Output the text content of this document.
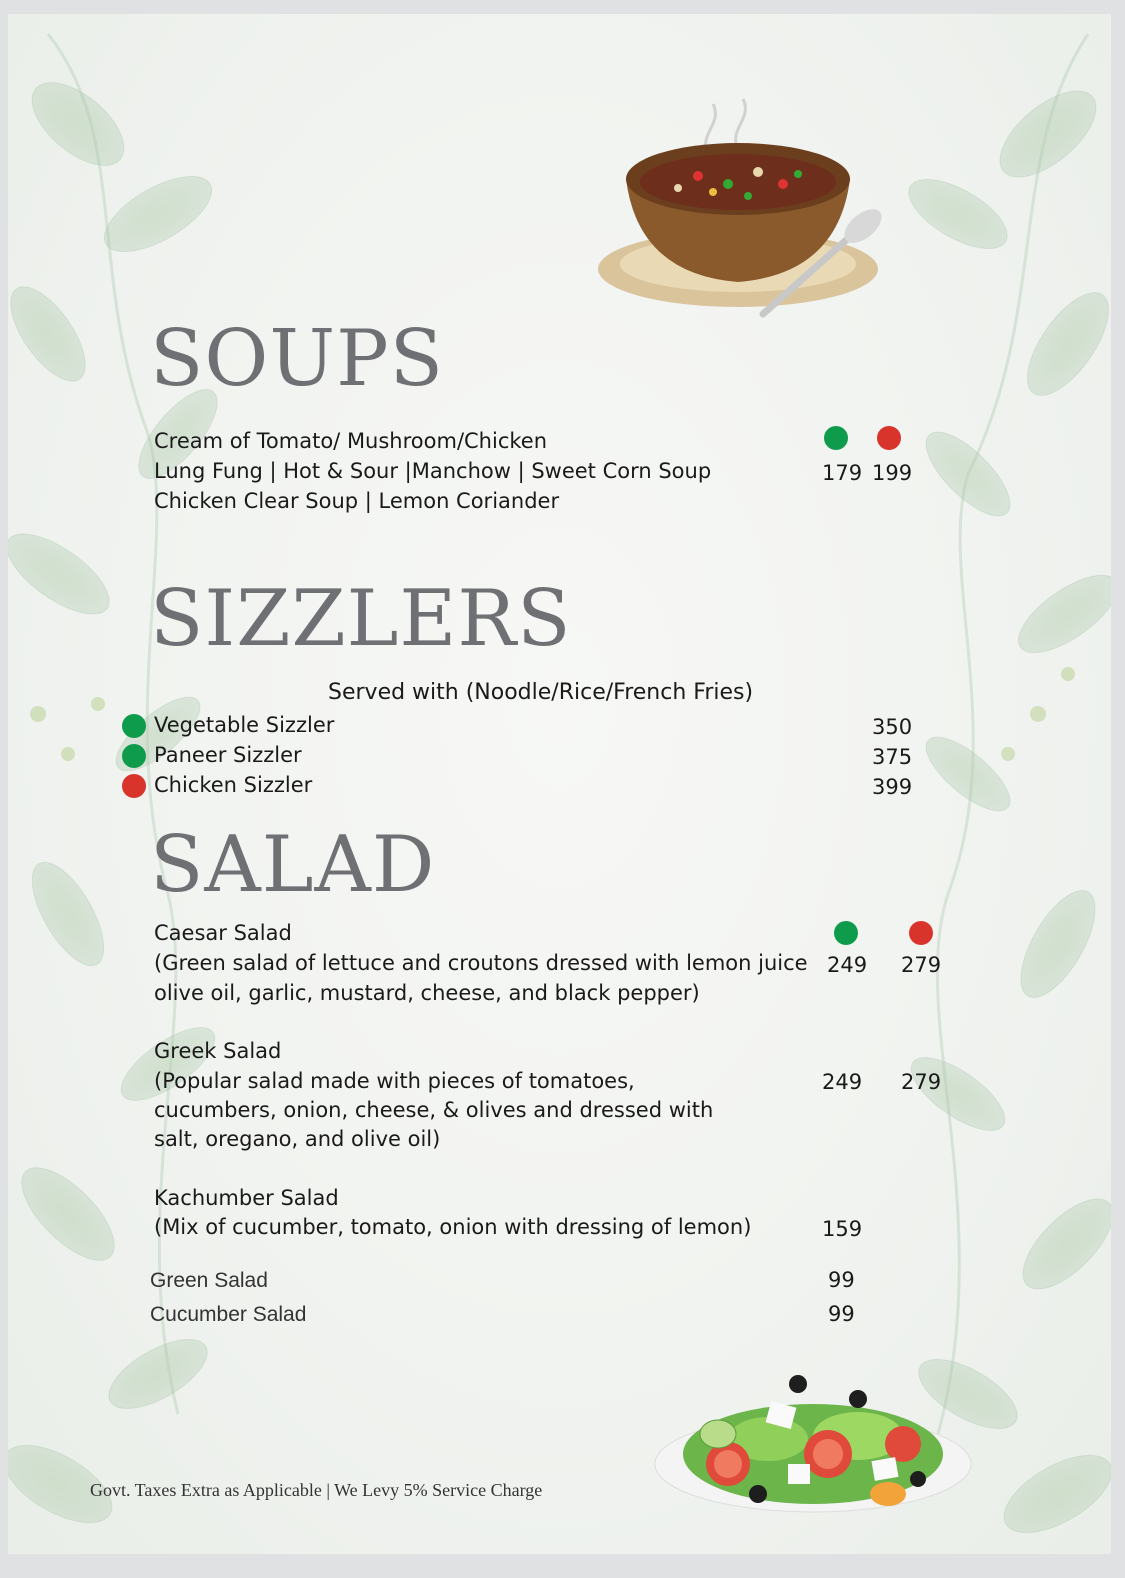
SOUPS

Cream of Tomato/ Mushroom/Chicken

Lung Fung | Hot & Sour |Manchow | Sweet Corn Soup

Chicken Clear Soup | Lemon Coriander

179 199
SIZZLERS

Served with (Noodle/Rice/French Fries)

Vegetable Sizzler	350

Paneer Sizzler	375

Chicken Sizzler	399
SALAD

Caesar Salad

(Green salad of lettuce and croutons dressed with lemon juice

olive oil, garlic, mustard, cheese, and black pepper)

249 279

Greek Salad

(Popular salad made with pieces of tomatoes,

cucumbers, onion, cheese, & olives and dressed with

salt, oregano, and olive oil)

249 279

Kachumber Salad

(Mix of cucumber, tomato, onion with dressing of lemon)	159

Green Salad	99

Cucumber Salad	99
Govt. Taxes Extra as Applicable | We Levy 5% Service Charge
